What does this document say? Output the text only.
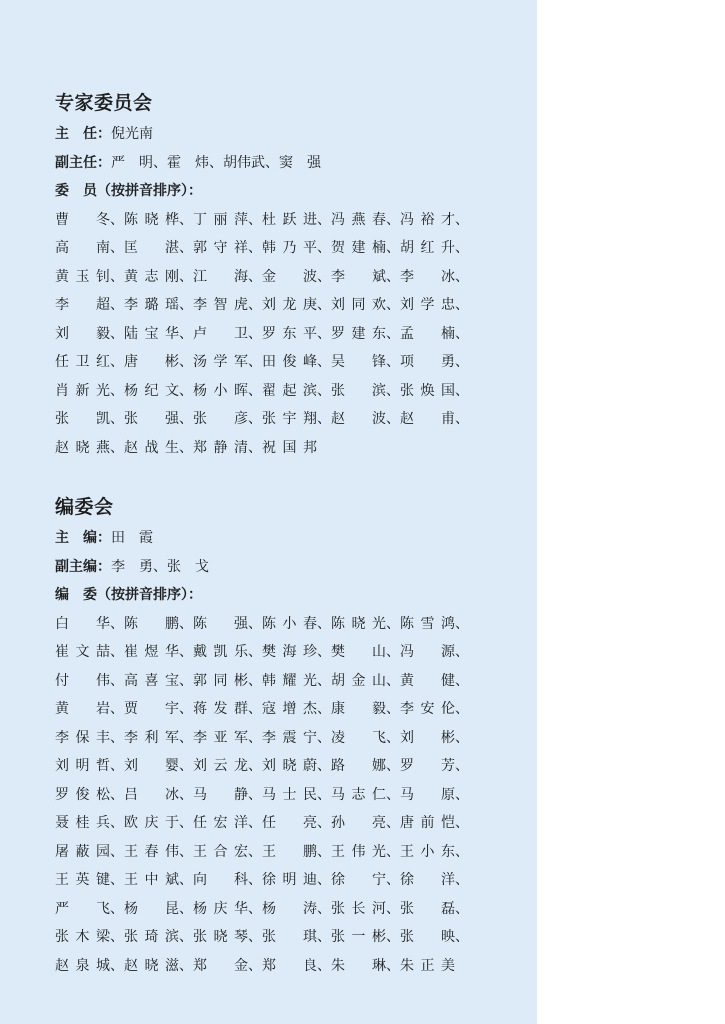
专家委员会
主　任：倪光南
副主任：严　明、霍　炜、胡伟武、窦　强
委　员（按拼音排序）：
曹　冬、 陈晓桦、 丁丽萍、 杜跃进、 冯燕春、 冯裕才、
高　南、 匡　湛、 郭守祥、 韩乃平、 贺建楠、 胡红升、
黄玉钊、 黄志刚、 江　海、 金　波、 李　斌、 李　冰、
李　超、 李璐瑶、 李智虎、 刘龙庚、 刘同欢、 刘学忠、
刘　毅、 陆宝华、 卢　卫、 罗东平、 罗建东、 孟　楠、
任卫红、 唐　彬、 汤学军、 田俊峰、 吴　锋、 项　勇、
肖新光、 杨纪文、 杨小晖、 翟起滨、 张　滨、 张焕国、
张　凯、 张　强、 张　彦、 张宇翔、 赵　波、 赵　甫、
赵晓燕、 赵战生、 郑静清、 祝国邦
编委会
主　编：田　霞
副主编：李　勇、张　戈
编　委（按拼音排序）：
白　华、 陈　鹏、 陈　强、 陈小春、 陈晓光、 陈雪鸿、
崔文喆、 崔煜华、 戴凯乐、 樊海珍、 樊　山、 冯　源、
付　伟、 高喜宝、 郭同彬、 韩耀光、 胡金山、 黄　健、
黄　岩、 贾　宇、 蒋发群、 寇增杰、 康　毅、 李安伦、
李保丰、 李利军、 李亚军、 李震宁、 凌　飞、 刘　彬、
刘明哲、 刘　婴、 刘云龙、 刘晓蔚、 路　娜、 罗　芳、
罗俊松、 吕　冰、 马　静、 马士民、 马志仁、 马　原、
聂桂兵、 欧庆于、 任宏洋、 任　亮、 孙　亮、 唐前恺、
屠蔽园、 王春伟、 王合宏、 王　鹏、 王伟光、 王小东、
王英键、 王中斌、 向　科、 徐明迪、 徐　宁、 徐　洋、
严　飞、 杨　昆、 杨庆华、 杨　涛、 张长河、 张　磊、
张木梁、 张琦滨、 张晓琴、 张　琪、 张一彬、 张　映、
赵泉城、 赵晓滋、 郑　金、 郑　良、 朱　琳、 朱正美
